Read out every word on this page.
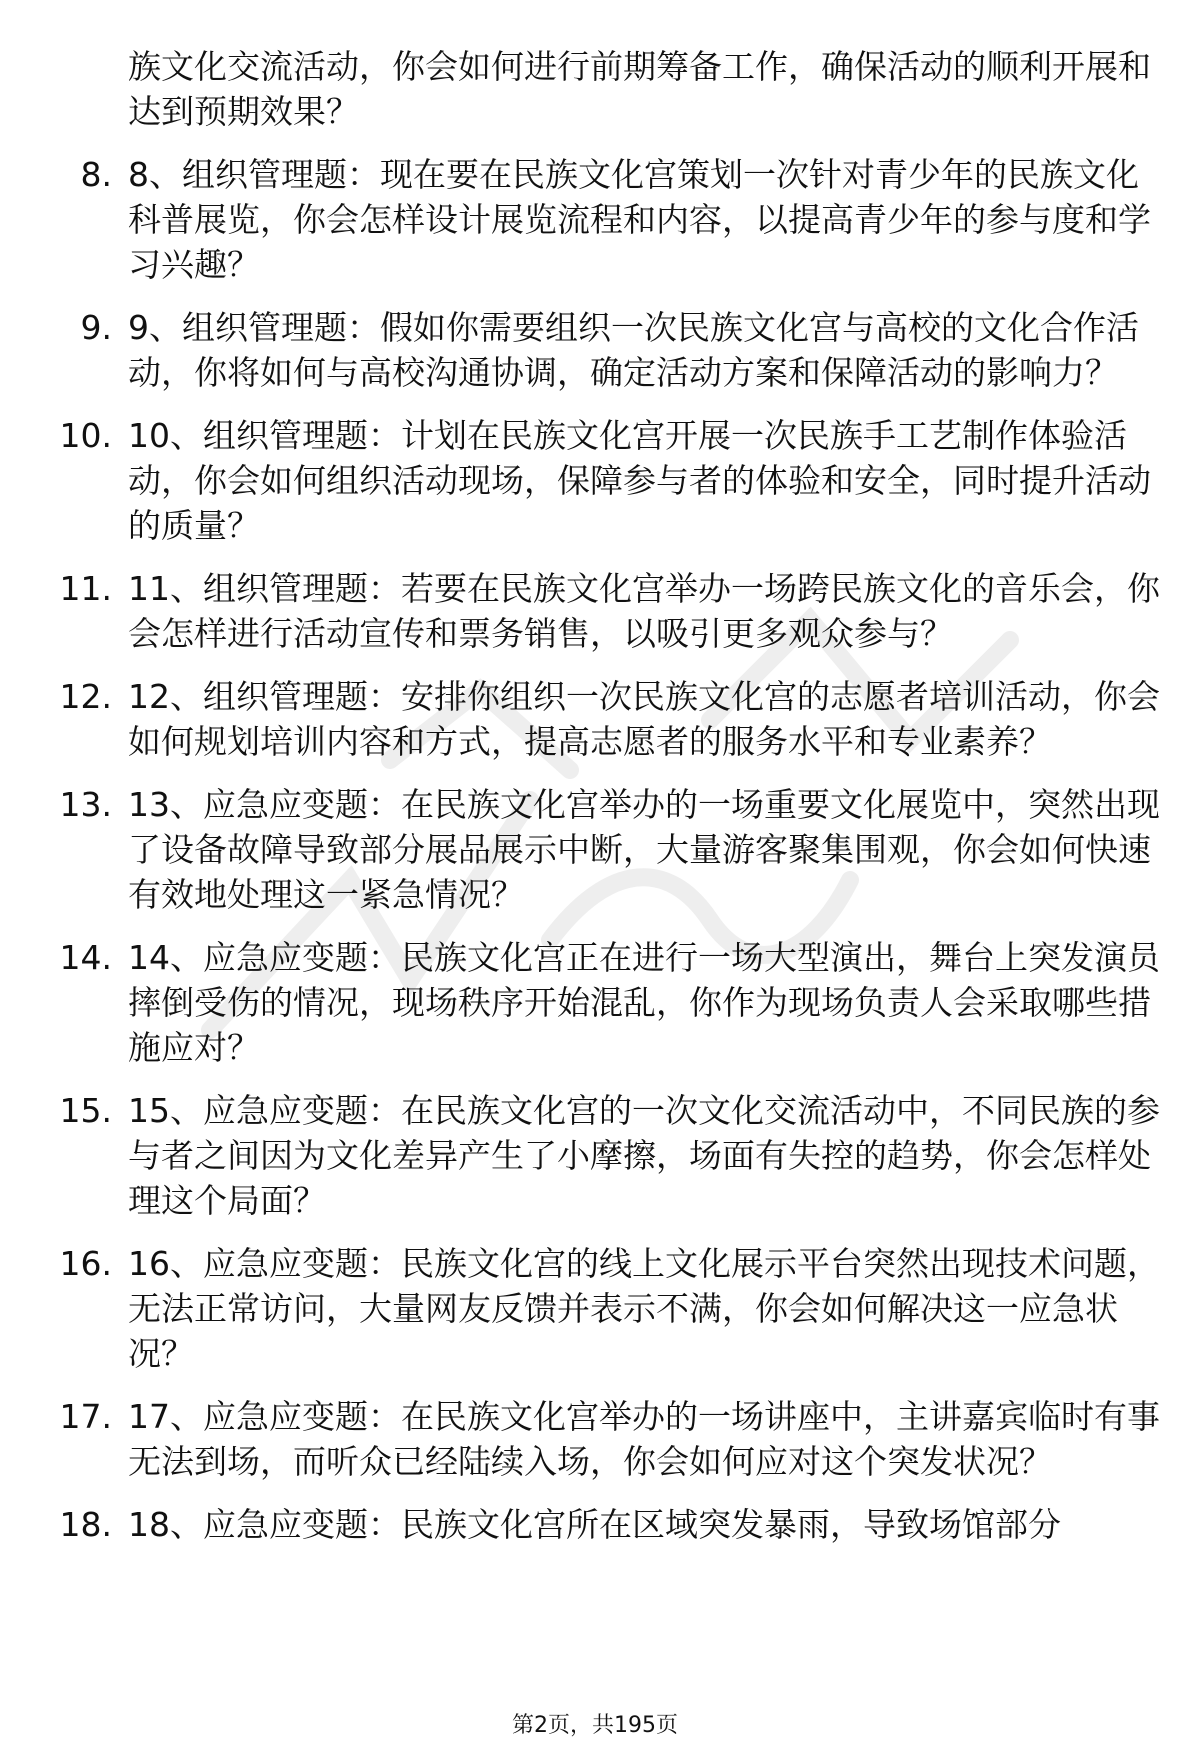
族文化交流活动，你会如何进行前期筹备工作，确保活动的顺利开展和达到预期效果？
8. 8、组织管理题：现在要在民族文化宫策划一次针对青少年的民族文化科普展览，你会怎样设计展览流程和内容，以提高青少年的参与度和学习兴趣？
9. 9、组织管理题：假如你需要组织一次民族文化宫与高校的文化合作活动，你将如何与高校沟通协调，确定活动方案和保障活动的影响力？
10. 10、组织管理题：计划在民族文化宫开展一次民族手工艺制作体验活动，你会如何组织活动现场，保障参与者的体验和安全，同时提升活动的质量？
11. 11、组织管理题：若要在民族文化宫举办一场跨民族文化的音乐会，你会怎样进行活动宣传和票务销售，以吸引更多观众参与？
12. 12、组织管理题：安排你组织一次民族文化宫的志愿者培训活动，你会如何规划培训内容和方式，提高志愿者的服务水平和专业素养？
13. 13、应急应变题：在民族文化宫举办的一场重要文化展览中，突然出现了设备故障导致部分展品展示中断，大量游客聚集围观，你会如何快速有效地处理这一紧急情况？
14. 14、应急应变题：民族文化宫正在进行一场大型演出，舞台上突发演员摔倒受伤的情况，现场秩序开始混乱，你作为现场负责人会采取哪些措施应对？
15. 15、应急应变题：在民族文化宫的一次文化交流活动中，不同民族的参与者之间因为文化差异产生了小摩擦，场面有失控的趋势，你会怎样处理这个局面？
16. 16、应急应变题：民族文化宫的线上文化展示平台突然出现技术问题，无法正常访问，大量网友反馈并表示不满，你会如何解决这一应急状况？
17. 17、应急应变题：在民族文化宫举办的一场讲座中，主讲嘉宾临时有事无法到场，而听众已经陆续入场，你会如何应对这个突发状况？
18. 18、应急应变题：民族文化宫所在区域突发暴雨，导致场馆部分
第2页，共195页
